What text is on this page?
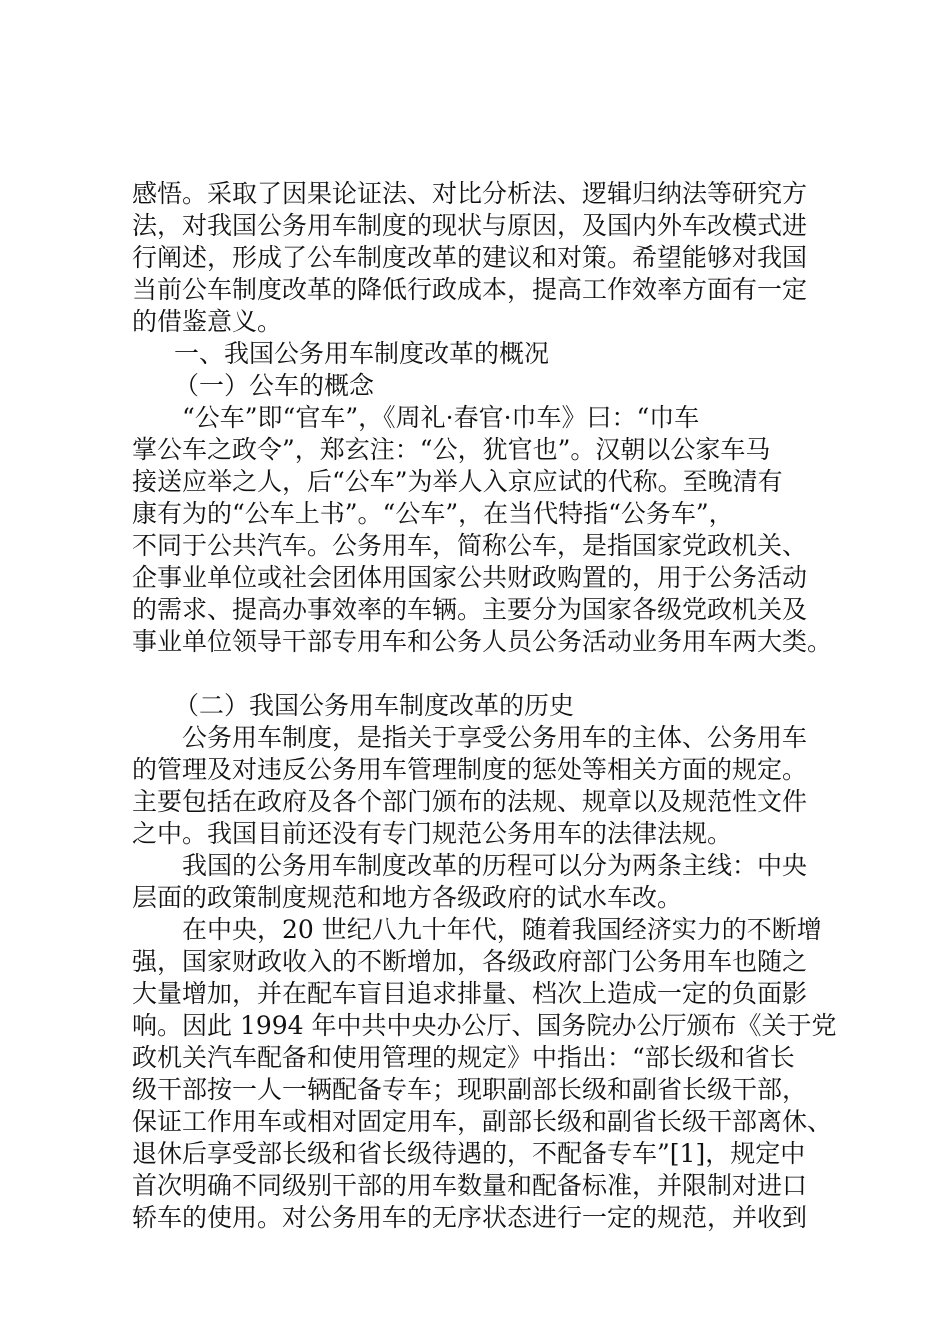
感悟。采取了因果论证法、对比分析法、逻辑归纳法等研究方
法，对我国公务用车制度的现状与原因，及国内外车改模式进
行阐述，形成了公车制度改革的建议和对策。希望能够对我国
当前公车制度改革的降低行政成本，提高工作效率方面有一定
的借鉴意义。
一、我国公务用车制度改革的概况
（一）公车的概念
“公车”即“官车”，《周礼·春官·巾车》曰：“巾车
掌公车之政令”，郑玄注：“公，犹官也”。汉朝以公家车马
接送应举之人，后“公车”为举人入京应试的代称。至晚清有
康有为的“公车上书”。“公车”，在当代特指“公务车”，
不同于公共汽车。公务用车，简称公车，是指国家党政机关、
企事业单位或社会团体用国家公共财政购置的，用于公务活动
的需求、提高办事效率的车辆。主要分为国家各级党政机关及
事业单位领导干部专用车和公务人员公务活动业务用车两大类。
（二）我国公务用车制度改革的历史
公务用车制度，是指关于享受公务用车的主体、公务用车
的管理及对违反公务用车管理制度的惩处等相关方面的规定。
主要包括在政府及各个部门颁布的法规、规章以及规范性文件
之中。我国目前还没有专门规范公务用车的法律法规。
我国的公务用车制度改革的历程可以分为两条主线：中央
层面的政策制度规范和地方各级政府的试水车改。
在中央，20 世纪八九十年代，随着我国经济实力的不断增
强，国家财政收入的不断增加，各级政府部门公务用车也随之
大量增加，并在配车盲目追求排量、档次上造成一定的负面影
响。因此 1994 年中共中央办公厅、国务院办公厅颁布《关于党
政机关汽车配备和使用管理的规定》中指出：“部长级和省长
级干部按一人一辆配备专车；现职副部长级和副省长级干部，
保证工作用车或相对固定用车，副部长级和副省长级干部离休、
退休后享受部长级和省长级待遇的，不配备专车”[1]，规定中
首次明确不同级别干部的用车数量和配备标准，并限制对进口
轿车的使用。对公务用车的无序状态进行一定的规范，并收到
